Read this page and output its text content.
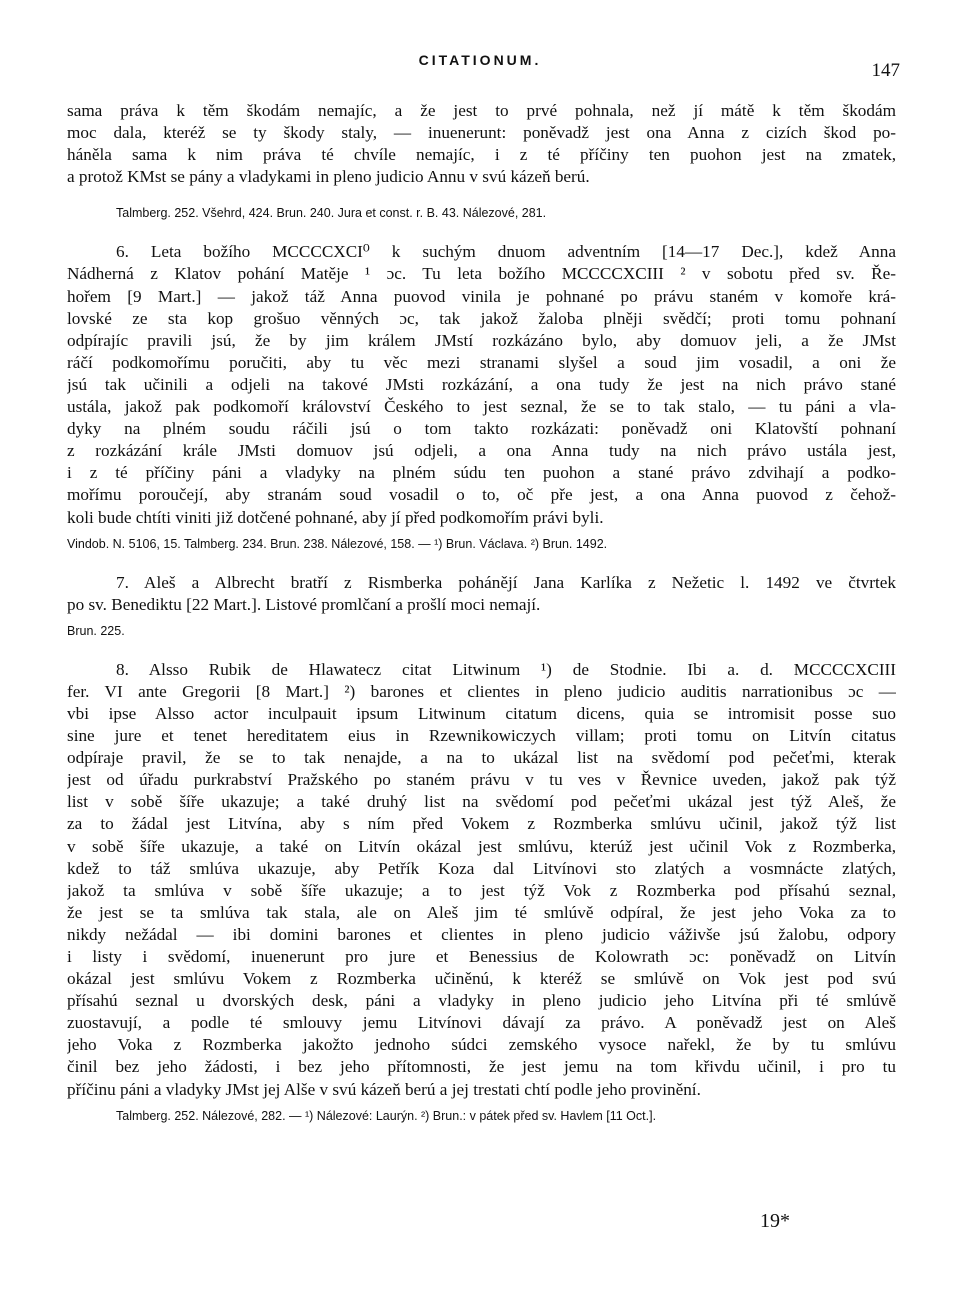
CITATIONUM.	147
sama práva k těm škodám nemajíc, a že jest to prvé pohnala, než jí mátě k těm škodám
moc dala, kteréž se ty škody staly, — inuenerunt: poněvadž jest ona Anna z cizích škod po-
háněla sama k nim práva té chvíle nemajíc, i z té příčiny ten puohon jest na zmatek,
a protož KMst se pány a vladykami in pleno judicio Annu v svú kázeň berú.
Talmberg. 252. Všehrd, 424. Brun. 240. Jura et const. r. B. 43. Nálezové, 281.
6. Leta božího MCCCCXCI⁰ k suchým dnuom adventním [14—17 Dec.], kdež Anna
Nádherná z Klatov pohání Matěje ¹ ɔc. Tu leta božího MCCCCXCIII ² v sobotu před sv. Ře-
hořem [9 Mart.] — jakož táž Anna puovod vinila je pohnané po právu staném v komoře krá-
lovské ze sta kop grošuo věnných ɔc, tak jakož žaloba plněji svědčí; proti tomu pohnaní
odpírajíc pravili jsú, že by jim králem JMstí rozkázáno bylo, aby domuov jeli, a že JMst
ráčí podkomořímu poručiti, aby tu věc mezi stranami slyšel a soud jim vosadil, a oni že
jsú tak učinili a odjeli na takové JMsti rozkázání, a ona tudy že jest na nich právo stané
ustála, jakož pak podkomoří království Českého to jest seznal, že se to tak stalo, — tu páni a vla-
dyky na plném soudu ráčili jsú o tom takto rozkázati: poněvadž oni Klatovští pohnaní
z rozkázání krále JMsti domuov jsú odjeli, a ona Anna tudy na nich právo ustála jest,
i z té příčiny páni a vladyky na plném súdu ten puohon a stané právo zdvihají a podko-
mořímu poroučejí, aby stranám soud vosadil o to, oč pře jest, a ona Anna puovod z čehož-
koli bude chtíti viniti již dotčené pohnané, aby jí před podkomořím právi byli.
Vindob. N. 5106, 15. Talmberg. 234. Brun. 238. Nálezové, 158. — ¹) Brun. Václava. ²) Brun. 1492.
7. Aleš a Albrecht bratří z Rismberka pohánějí Jana Karlíka z Nežetic l. 1492 ve čtvrtek
po sv. Benediktu [22 Mart.]. Listové promlčaní a prošlí moci nemají.
Brun. 225.
8. Alsso Rubik de Hlawatecz citat Litwinum ¹) de Stodnie. Ibi a. d. MCCCCXCIII
fer. VI ante Gregorii [8 Mart.] ²) barones et clientes in pleno judicio auditis narrationibus ɔc —
vbi ipse Alsso actor inculpauit ipsum Litwinum citatum dicens, quia se intromisit posse suo
sine jure et tenet hereditatem eius in Rzewnikowiczych villam; proti tomu on Litvín citatus
odpíraje pravil, že se to tak nenajde, a na to ukázal list na svědomí pod pečeťmi, kterak
jest od úřadu purkrabství Pražského po staném právu v tu ves v Řevnice uveden, jakož pak týž
list v sobě šíře ukazuje; a také druhý list na svědomí pod pečeťmi ukázal jest týž Aleš, že
za to žádal jest Litvína, aby s ním před Vokem z Rozmberka smlúvu učinil, jakož týž list
v sobě šíře ukazuje, a také on Litvín okázal jest smlúvu, kterúž jest učinil Vok z Rozmberka,
kdež to táž smlúva ukazuje, aby Petřík Koza dal Litvínovi sto zlatých a vosmnácte zlatých,
jakož ta smlúva v sobě šíře ukazuje; a to jest týž Vok z Rozmberka pod přísahú seznal,
že jest se ta smlúva tak stala, ale on Aleš jim té smlúvě odpíral, že jest jeho Voka za to
nikdy nežádal — ibi domini barones et clientes in pleno judicio váživše jsú žalobu, odpory
i listy i svědomí, inuenerunt pro jure et Benessius de Kolowrath ɔc: poněvadž on Litvín
okázal jest smlúvu Vokem z Rozmberka učiněnú, k kteréž se smlúvě on Vok jest pod svú
přísahú seznal u dvorských desk, páni a vladyky in pleno judicio jeho Litvína při té smlúvě
zuostavují, a podle té smlouvy jemu Litvínovi dávají za právo. A poněvadž jest on Aleš
jeho Voka z Rozmberka jakožto jednoho súdci zemského vysoce nařekl, že by tu smlúvu
činil bez jeho žádosti, i bez jeho přítomnosti, že jest jemu na tom křivdu učinil, i pro tu
příčinu páni a vladyky JMst jej Alše v svú kázeň berú a jej trestati chtí podle jeho provinění.
Talmberg. 252. Nálezové, 282. — ¹) Nálezové: Laurýn. ²) Brun.: v pátek před sv. Havlem [11 Oct.].
19*
